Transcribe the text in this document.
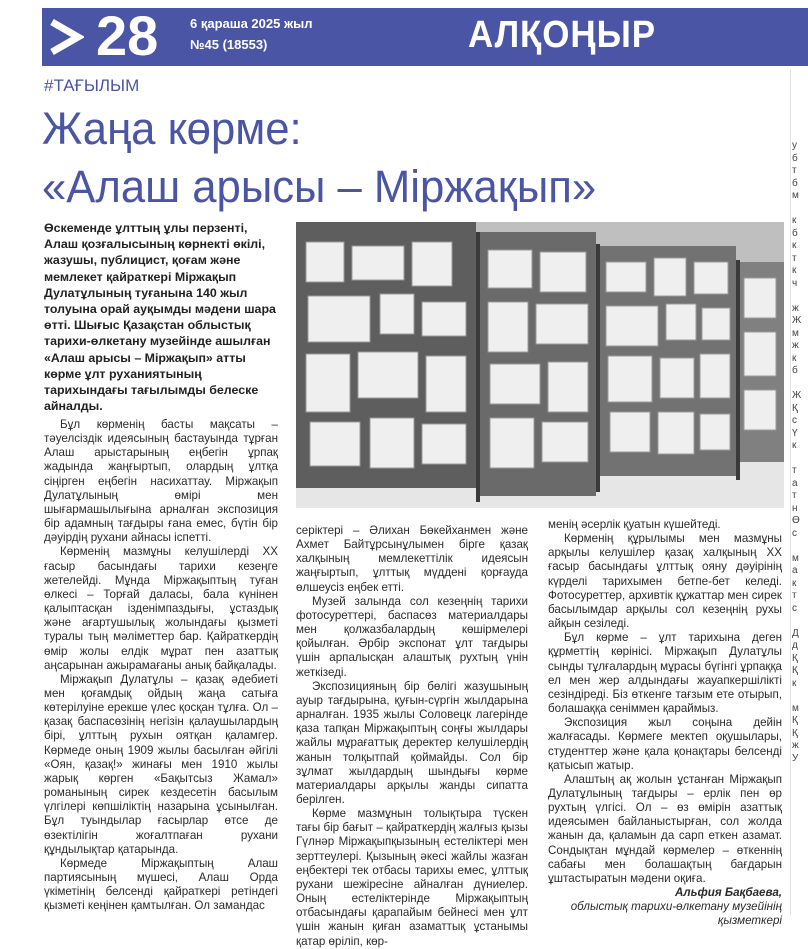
28 6 қараша 2025 жыл
№45 (18553)	АЛҚОҢЫР
#ТАҒЫЛЫМ
Жаңа көрме:
«Алаш арысы – Міржақып»
Өскеменде ұлттың ұлы перзенті, Алаш қозғалысының көрнекті өкілі, жазушы, публицист, қоғам және мемлекет қайраткері Міржақып Дулатұлының туғанына 140 жыл толуына орай ауқымды мәдени шара өтті. Шығыс Қазақстан облыстық тарихи-өлкетану музейінде ашылған «Алаш арысы – Міржақып» атты көрме ұлт руханиятының тарихындағы тағылымды белеске айналды.

Бұл көрменің басты мақсаты – тәуелсіздік идеясының бастауында тұрған Алаш арыстарының еңбегін ұрпақ жадында жаңғыртып, олардың ұлтқа сіңірген еңбегін насихаттау. Міржақып Дулатұлының өмірі мен шығармашылығына арналған экспозиция бір адамның тағдыры ғана емес, бүтін бір дәуірдің рухани айнасы іспетті.

Көрменің мазмұны келушілерді XX ғасыр басындағы тарихи кезеңге жетелейді. Мұнда Міржақыптың туған өлкесі – Торғай даласы, бала күнінен қалыптасқан ізденімпаздығы, ұстаздық және ағартушылық жолындағы қызметі туралы тың мәліметтер бар. Қайраткердің өмір жолы елдік мұрат пен азаттық аңсарынан ажырамағаны анық байқалады.

Міржақып Дулатұлы – қазақ әдебиеті мен қоғамдық ойдың жаңа сатыға көтерілуіне ерекше үлес қосқан тұлға. Ол – қазақ баспасөзінің негізін қалаушылардың бірі, ұлттың рухын оятқан қаламгер. Көрмеде оның 1909 жылы басылған әйгілі «Оян, қазақ!» жинағы мен 1910 жылы жарық көрген «Бақытсыз Жамал» романының сирек кездесетін басылым үлгілері көпшіліктің назарына ұсынылған. Бұл туындылар ғасырлар өтсе де өзектілігін жоғалтпаған рухани құндылықтар қатарында.

Көрмеде Міржақыптың Алаш партиясының мүшесі, Алаш Орда үкіметінің белсенді қайраткері ретіндегі қызметі кеңінен қамтылған. Ол замандас

серіктері – Әлихан Бөкейханмен және Ахмет Байтұрсынұлымен бірге қазақ халқының мемлекеттілік идеясын жаңғыртып, ұлттық мүддені қорғауда өлшеусіз еңбек етті.

Музей залында сол кезеңнің тарихи фотосуреттері, баспасөз материалдары мен қолжазбалардың көшірмелері қойылған. Әрбір экспонат ұлт тағдыры үшін арпалысқан алаштық рухтың үнін жеткізеді.

Экспозицияның бір бөлігі жазушының ауыр тағдырына, қуғын-сүргін жылдарына арналған. 1935 жылы Соловецк лагерінде қаза тапқан Міржақыптың соңғы жылдары жайлы мұрағаттық деректер келушілердің жанын толқытпай қоймайды. Сол бір зұлмат жылдардың шындығы көрме материалдары арқылы жанды сипатта берілген.

Көрме мазмұнын толықтыра түскен тағы бір бағыт – қайраткердің жалғыз қызы Гүлнәр Міржақыпқызының естеліктері мен зерттеулері. Қызының әкесі жайлы жазған еңбектері тек отбасы тарихы емес, ұлттық рухани шежіресіне айналған дүниелер. Оның естеліктерінде Міржақыптың отбасындағы қарапайым бейнесі мен ұлт үшін жанын қиған азаматтық ұстанымы қатар өріліп, көр-

менің әсерлік қуатын күшейтеді.

Көрменің құрылымы мен мазмұны арқылы келушілер қазақ халқының XX ғасыр басындағы ұлттық ояну дәуірінің күрделі тарихымен бетпе-бет келеді. Фотосуреттер, архивтік құжаттар мен сирек басылымдар арқылы сол кезеңнің рухы айқын сезіледі.

Бұл көрме – ұлт тарихына деген құрметтің көрінісі. Міржақып Дулатұлы сынды тұлғалардың мұрасы бүгінгі ұрпаққа ел мен жер алдындағы жауапкершілікті сезіндіреді. Біз өткенге тағзым ете отырып, болашаққа сеніммен қараймыз.

Экспозиция жыл соңына дейін жалғасады. Көрмеге мектеп оқушылары, студенттер және қала қонақтары белсенді қатысып жатыр.

Алаштың ақ жолын ұстанған Міржақып Дулатұлының тағдыры – ерлік пен өр рухтың үлгісі. Ол – өз өмірін азаттық идеясымен байланыстырған, сол жолда жанын да, қаламын да сарп еткен азамат. Сондықтан мұндай көрмелер – өткеннің сабағы мен болашақтың бағдарын ұштастыратын мәдени оқиға.

Альфия Бақбаева,
облыстық тарихи-өлкетану музейінің қызметкері

у
б
т
б
м

к
б
к
т
к
ч

ж
Ж
м
ж
к
б

Ж
Қ
с
Ү
к

т
а
т
н
Ө
с

м
а
к
т
с

Д
д
Қ
Қ
к

м
Қ
Қ
ж
У
